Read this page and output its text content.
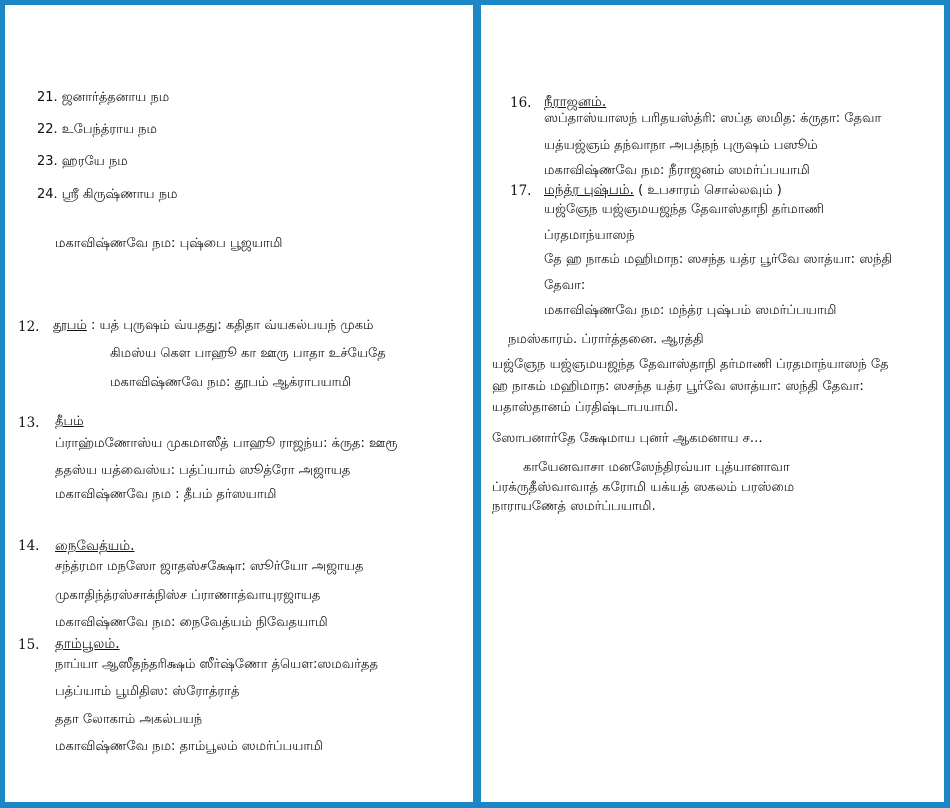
21. ஜனார்த்தனாய நம
22. உபேந்த்ராய நம
23. ஹரயே நம
24. ஸ்ரீ கிருஷ்ணாய நம
மகாவிஷ்ணவே நம: புஷ்பை பூஜயாமி
12. தூபம் : யத் புருஷம் வ்யதது: கதிதா வ்யகல்பயந் முகம்
கிமஸ்ய கெள பாஹூ கா ஊரு பாதா உச்யேதே
மகாவிஷ்ணவே நம: தூபம் ஆக்ராபயாமி
13. தீபம்
ப்ராஹ்மணோஸ்ய முகமாஸீத் பாஹூ ராஜந்ய: க்ருத: ஊரூ
ததஸ்ய யத்வைஸ்ய: பத்ப்யாம் ஸூத்ரோ அஜாயத
மகாவிஷ்ணவே நம : தீபம் தர்ஸயாமி
14. நைவேத்யம்.
சந்த்ரமா மநஸோ ஜாதஸ்சக்ஷோ: ஸூர்யோ அஜாயத
முகாதிந்த்ரஸ்சாக்நிஸ்ச ப்ராணாத்வாயுரஜாயத
மகாவிஷ்ணவே நம: நைவேத்யம் நிவேதயாமி
15. தாம்பூலம்.
நாப்யா ஆஸீதந்தரிக்ஷம் ஸீர்ஷ்ணோ த்யௌ:ஸமவர்தத
பத்ப்யாம் பூமிதிஸ: ஸ்ரோத்ராத்
ததா லோகாம் அகல்பயந்
மகாவிஷ்ணவே நம: தாம்பூலம் ஸமர்ப்பயாமி
16. நீராஜனம்.
ஸப்தாஸ்யாஸந் பரிதயஸ்த்ரி: ஸப்த ஸமித: க்ருதா: தேவா
யத்யஜ்ஞம் தந்வாநா அபத்நந் புருஷம் பஸூம்
மகாவிஷ்ணவே நம: நீராஜனம் ஸமர்ப்பயாமி
17. மந்த்ர புஷ்பம். ( உபசாரம் சொல்லவும் )
யஜ்ஞேந யஜ்ஞமயஜந்த தேவாஸ்தாநி தர்மாணி
ப்ரதமாந்யாஸந்
தே ஹ நாகம் மஹிமாந: ஸசந்த யத்ர பூர்வே ஸாத்யா: ஸந்தி
தேவா:
மகாவிஷ்ணவே நம: மந்த்ர புஷ்பம் ஸமர்ப்பயாமி
நமஸ்காரம். ப்ரார்த்தனை. ஆரத்தி
யஜ்ஞேந யஜ்ஞமயஜந்த தேவாஸ்தாநி தர்மாணி ப்ரதமாந்யாஸந் தே
ஹ நாகம் மஹிமாந: ஸசந்த யத்ர பூர்வே ஸாத்யா: ஸந்தி தேவா:
யதாஸ்தானம் ப்ரதிஷ்டாபயாமி.
ஸோபனார்தே க்ஷேமாய புனர் ஆகமனாய ச…
காயேனவாசா மனஸேந்திரவ்யா புத்யானாவா
ப்ரக்ருதீஸ்வாவாத் கரோமி யக்யத் ஸகலம் பரஸ்மை
நாராயணேத் ஸமர்ப்பயாமி.
